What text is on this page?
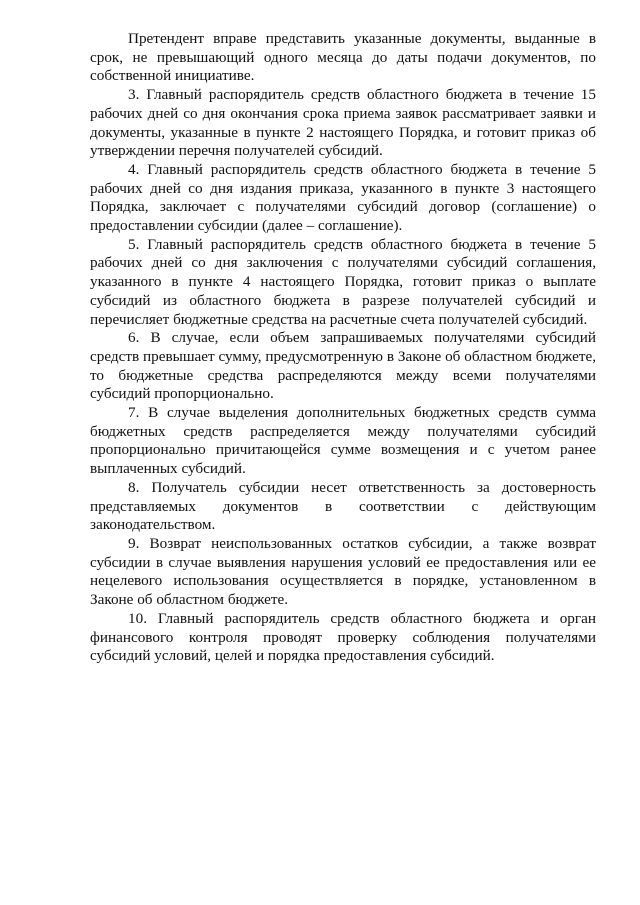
Претендент вправе представить указанные документы, выданные в срок, не превышающий одного месяца до даты подачи документов, по собственной инициативе.

3. Главный распорядитель средств областного бюджета в течение 15 рабочих дней со дня окончания срока приема заявок рассматривает заявки и документы, указанные в пункте 2 настоящего Порядка, и готовит приказ об утверждении перечня получателей субсидий.

4. Главный распорядитель средств областного бюджета в течение 5 рабочих дней со дня издания приказа, указанного в пункте 3 настоящего Порядка, заключает с получателями субсидий договор (соглашение) о предоставлении субсидии (далее – соглашение).

5. Главный распорядитель средств областного бюджета в течение 5 рабочих дней со дня заключения с получателями субсидий соглашения, указанного в пункте 4 настоящего Порядка, готовит приказ о выплате субсидий из областного бюджета в разрезе получателей субсидий и перечисляет бюджетные средства на расчетные счета получателей субсидий.

6. В случае, если объем запрашиваемых получателями субсидий средств превышает сумму, предусмотренную в Законе об областном бюджете, то бюджетные средства распределяются между всеми получателями субсидий пропорционально.

7. В случае выделения дополнительных бюджетных средств сумма бюджетных средств распределяется между получателями субсидий пропорционально причитающейся сумме возмещения и с учетом ранее выплаченных субсидий.

8. Получатель субсидии несет ответственность за достоверность представляемых документов в соответствии с действующим законодательством.

9. Возврат неиспользованных остатков субсидии, а также возврат субсидии в случае выявления нарушения условий ее предоставления или ее нецелевого использования осуществляется в порядке, установленном в Законе об областном бюджете.

10. Главный распорядитель средств областного бюджета и орган финансового контроля проводят проверку соблюдения получателями субсидий условий, целей и порядка предоставления субсидий.
